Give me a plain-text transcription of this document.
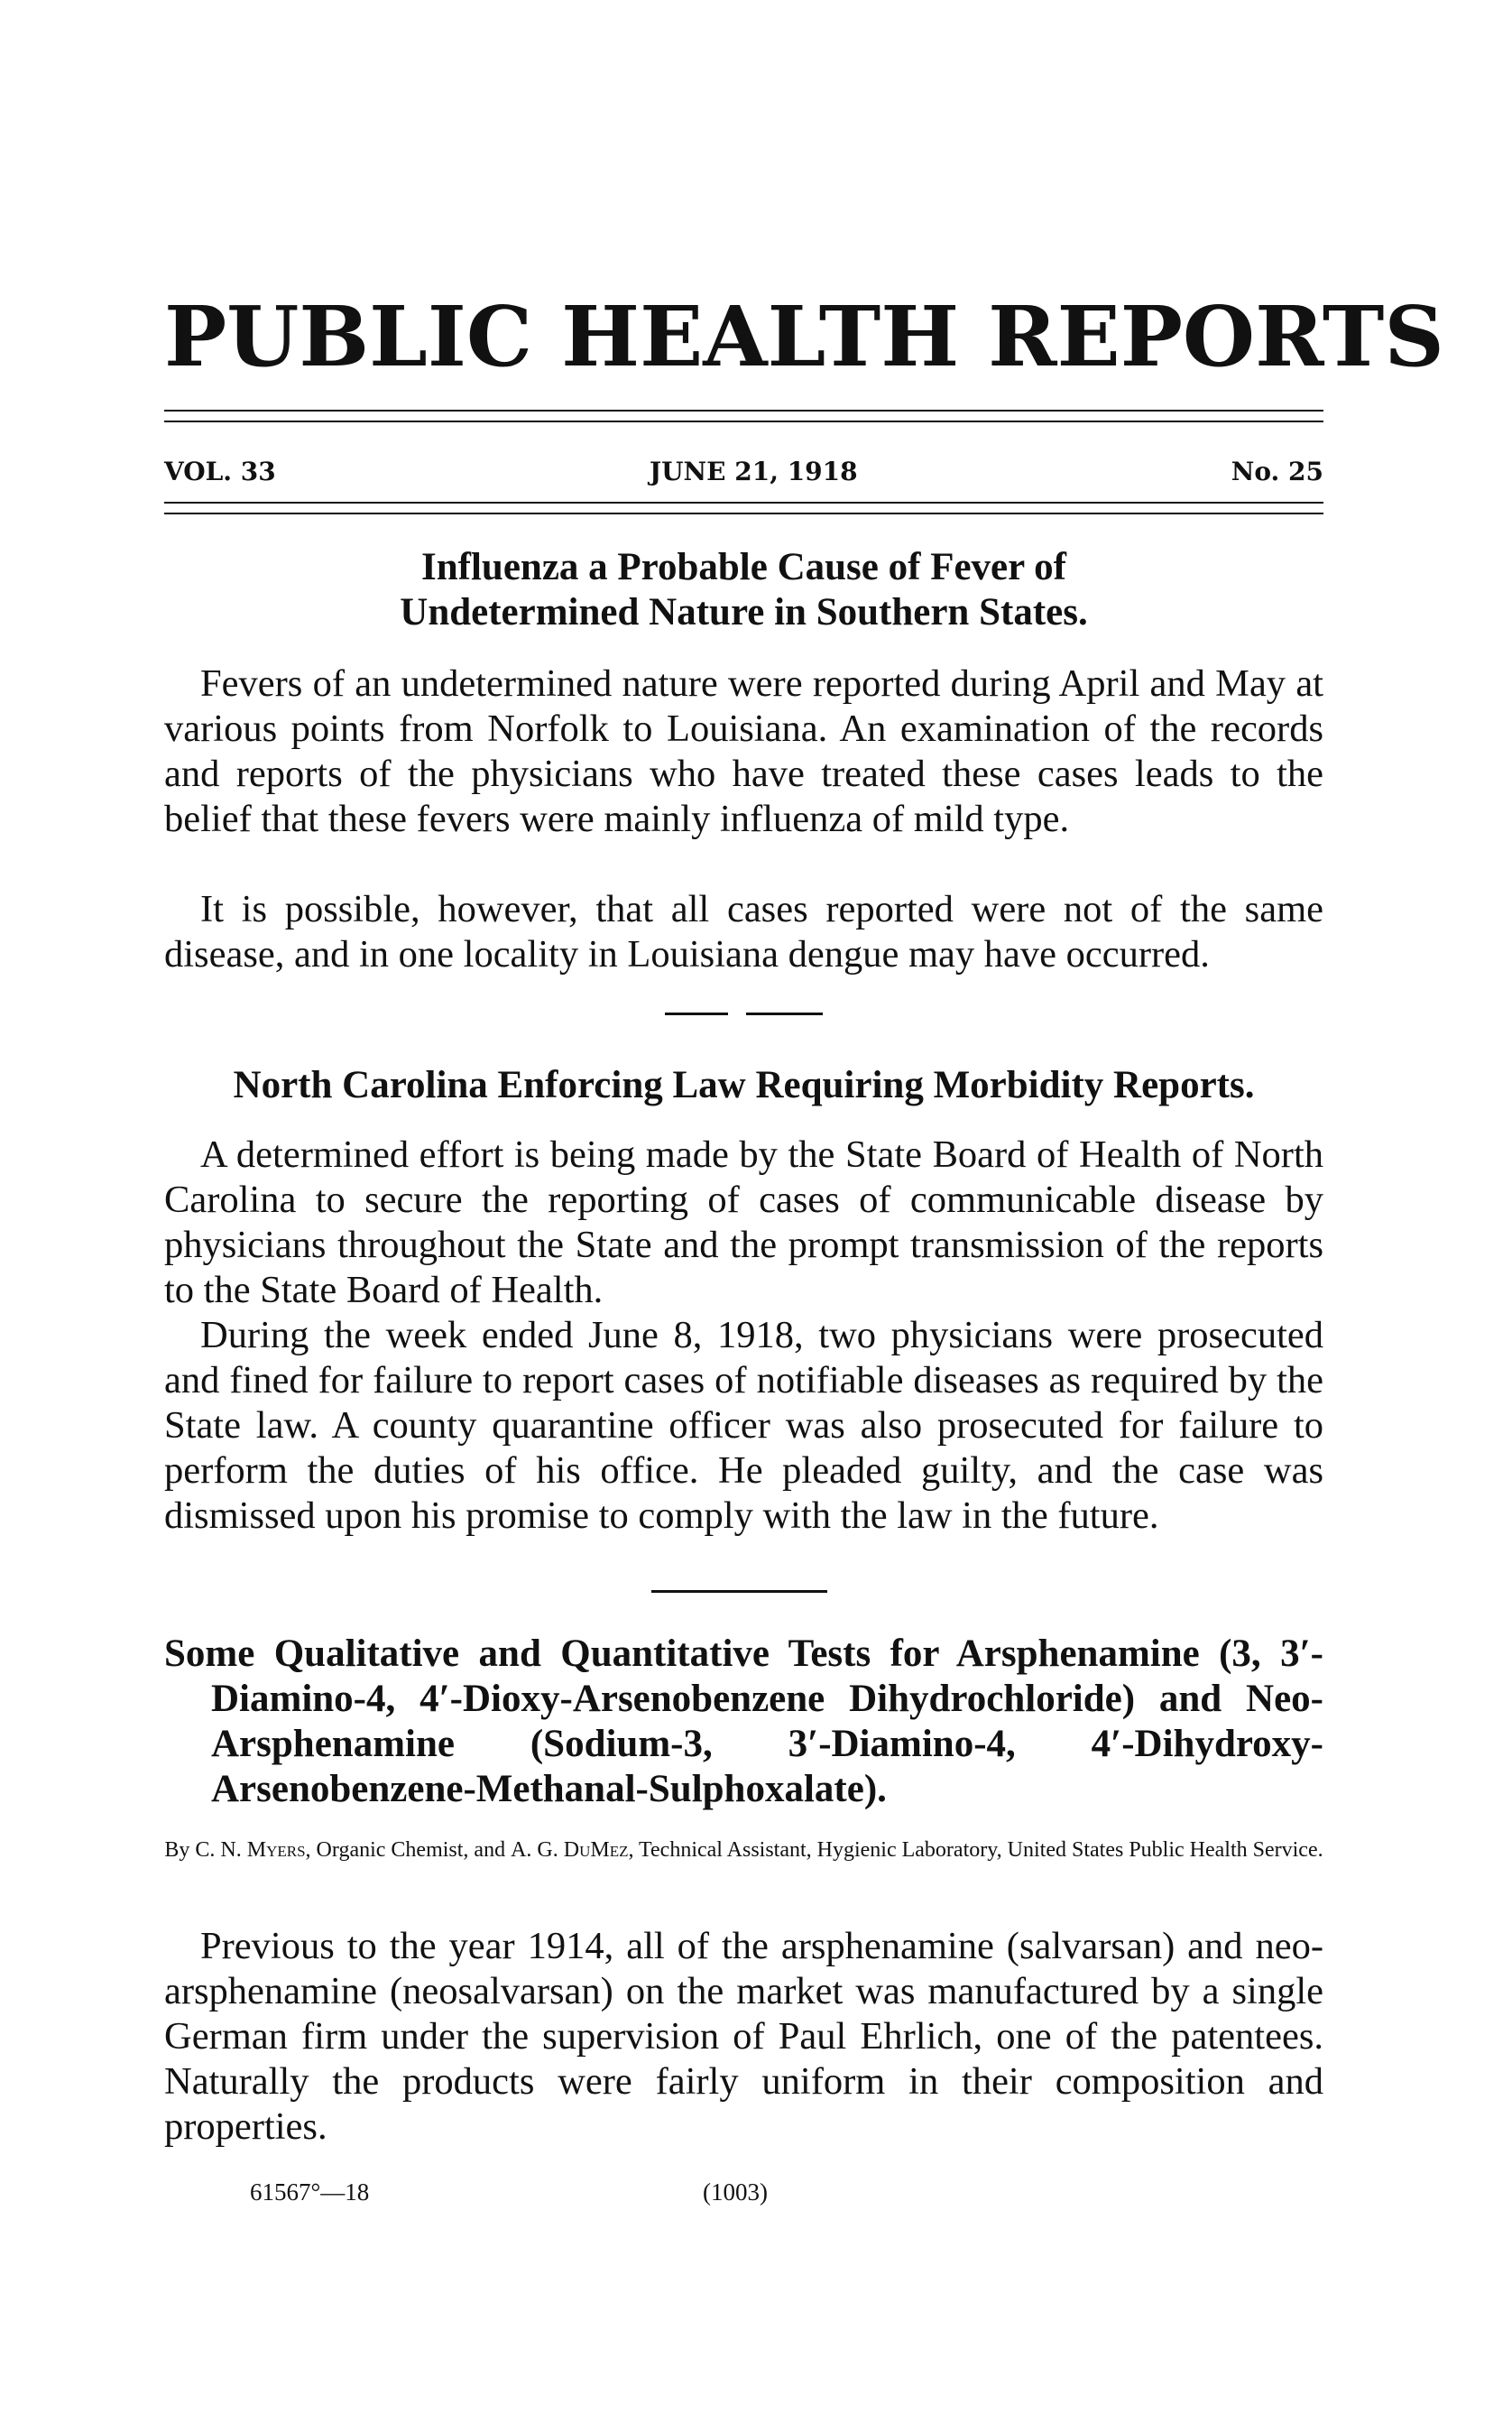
PUBLIC HEALTH REPORTS
VOL. 33	JUNE 21, 1918	No. 25
Influenza a Probable Cause of Fever of Undetermined Nature in Southern States.

Fevers of an undetermined nature were reported during April and May at various points from Norfolk to Louisiana. An examination of the records and reports of the physicians who have treated these cases leads to the belief that these fevers were mainly influenza of mild type.

It is possible, however, that all cases reported were not of the same disease, and in one locality in Louisiana dengue may have occurred.

North Carolina Enforcing Law Requiring Morbidity Reports.

A determined effort is being made by the State Board of Health of North Carolina to secure the reporting of cases of communicable disease by physicians throughout the State and the prompt transmission of the reports to the State Board of Health.

During the week ended June 8, 1918, two physicians were prosecuted and fined for failure to report cases of notifiable diseases as required by the State law. A county quarantine officer was also prosecuted for failure to perform the duties of his office. He pleaded guilty, and the case was dismissed upon his promise to comply with the law in the future.

Some Qualitative and Quantitative Tests for Arsphenamine (3, 3′-Diamino-4, 4′-Dioxy-Arsenobenzene Dihydrochloride) and Neo-Arsphenamine (Sodium-3, 3′-Diamino-4, 4′-Dihydroxy-Arsenobenzene-Methanal-Sulphoxalate).
By C. N. Myers, Organic Chemist, and A. G. DuMez, Technical Assistant, Hygienic Laboratory, United States Public Health Service.

Previous to the year 1914, all of the arsphenamine (salvarsan) and neo-arsphenamine (neosalvarsan) on the market was manufactured by a single German firm under the supervision of Paul Ehrlich, one of the patentees. Naturally the products were fairly uniform in their composition and properties.

61567°—18	(1003)
